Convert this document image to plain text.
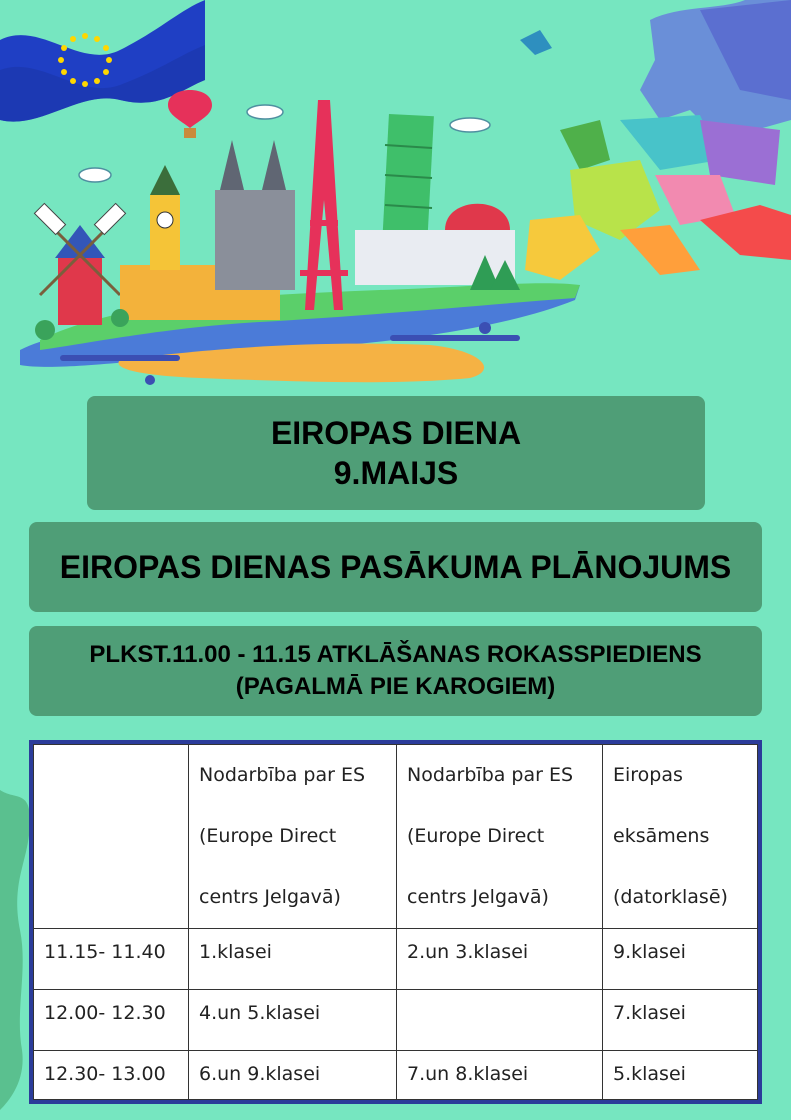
EIROPAS DIENA
9.MAIJS
EIROPAS DIENAS PASĀKUMA PLĀNOJUMS
PLKST.11.00 - 11.15 ATKLĀŠANAS ROKASSPIEDIENS
(PAGALMĀ PIE KAROGIEM)

	Nodarbība par ES
(Europe Direct
centrs Jelgavā)	Nodarbība par ES
(Europe Direct
centrs Jelgavā)	Eiropas
eksāmens
(datorklasē)

11.15- 11.40	1.klasei	2.un 3.klasei	9.klasei
12.00- 12.30	4.un 5.klasei		7.klasei
12.30- 13.00	6.un 9.klasei	7.un 8.klasei	5.klasei
